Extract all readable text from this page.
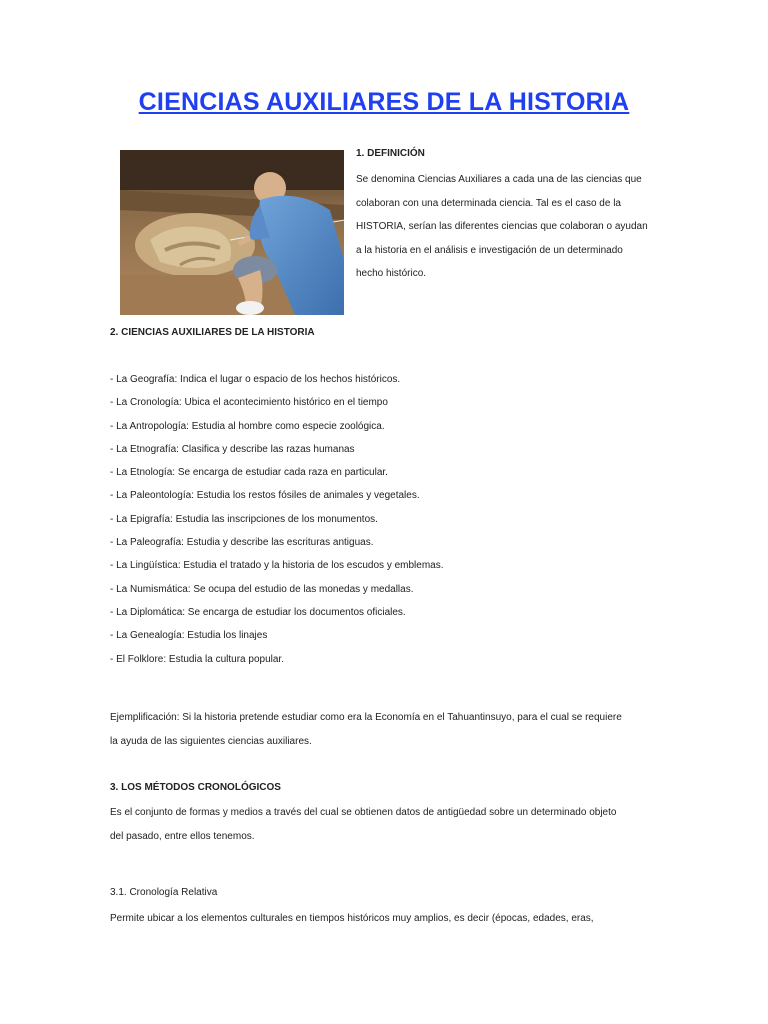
CIENCIAS AUXILIARES DE LA HISTORIA
1. DEFINICIÓN

Se denomina Ciencias Auxiliares a cada una de las ciencias que

colaboran con una determinada ciencia. Tal es el caso de la

HISTORIA, serían las diferentes ciencias que colaboran o ayudan

a la historia en el análisis e investigación de un determinado

hecho histórico.

2. CIENCIAS AUXILIARES DE LA HISTORIA
- La Geografía: Indica el lugar o espacio de los hechos históricos.
- La Cronología: Ubica el acontecimiento histórico en el tiempo
- La Antropología: Estudia al hombre como especie zoológica.
- La Etnografía: Clasifica y describe las razas humanas
- La Etnología: Se encarga de estudiar cada raza en particular.
- La Paleontología: Estudia los restos fósiles de animales y vegetales.
- La Epigrafía: Estudia las inscripciones de los monumentos.
- La Paleografía: Estudia y describe las escrituras antiguas.
- La Lingüística: Estudia el tratado y la historia de los escudos y emblemas.
- La Numismática: Se ocupa del estudio de las monedas y medallas.
- La Diplomática: Se encarga de estudiar los documentos oficiales.
- La Genealogía: Estudia los linajes
- El Folklore: Estudia la cultura popular.

Ejemplificación: Si la historia pretende estudiar como era la Economía en el Tahuantinsuyo, para el cual se requiere

la ayuda de las siguientes ciencias auxiliares.

3. LOS MÉTODOS CRONOLÓGICOS

Es el conjunto de formas y medios a través del cual se obtienen datos de antigüedad sobre un determinado objeto

del pasado, entre ellos tenemos.

3.1. Cronología Relativa

Permite ubicar a los elementos culturales en tiempos históricos muy amplios, es decir (épocas, edades, eras,
